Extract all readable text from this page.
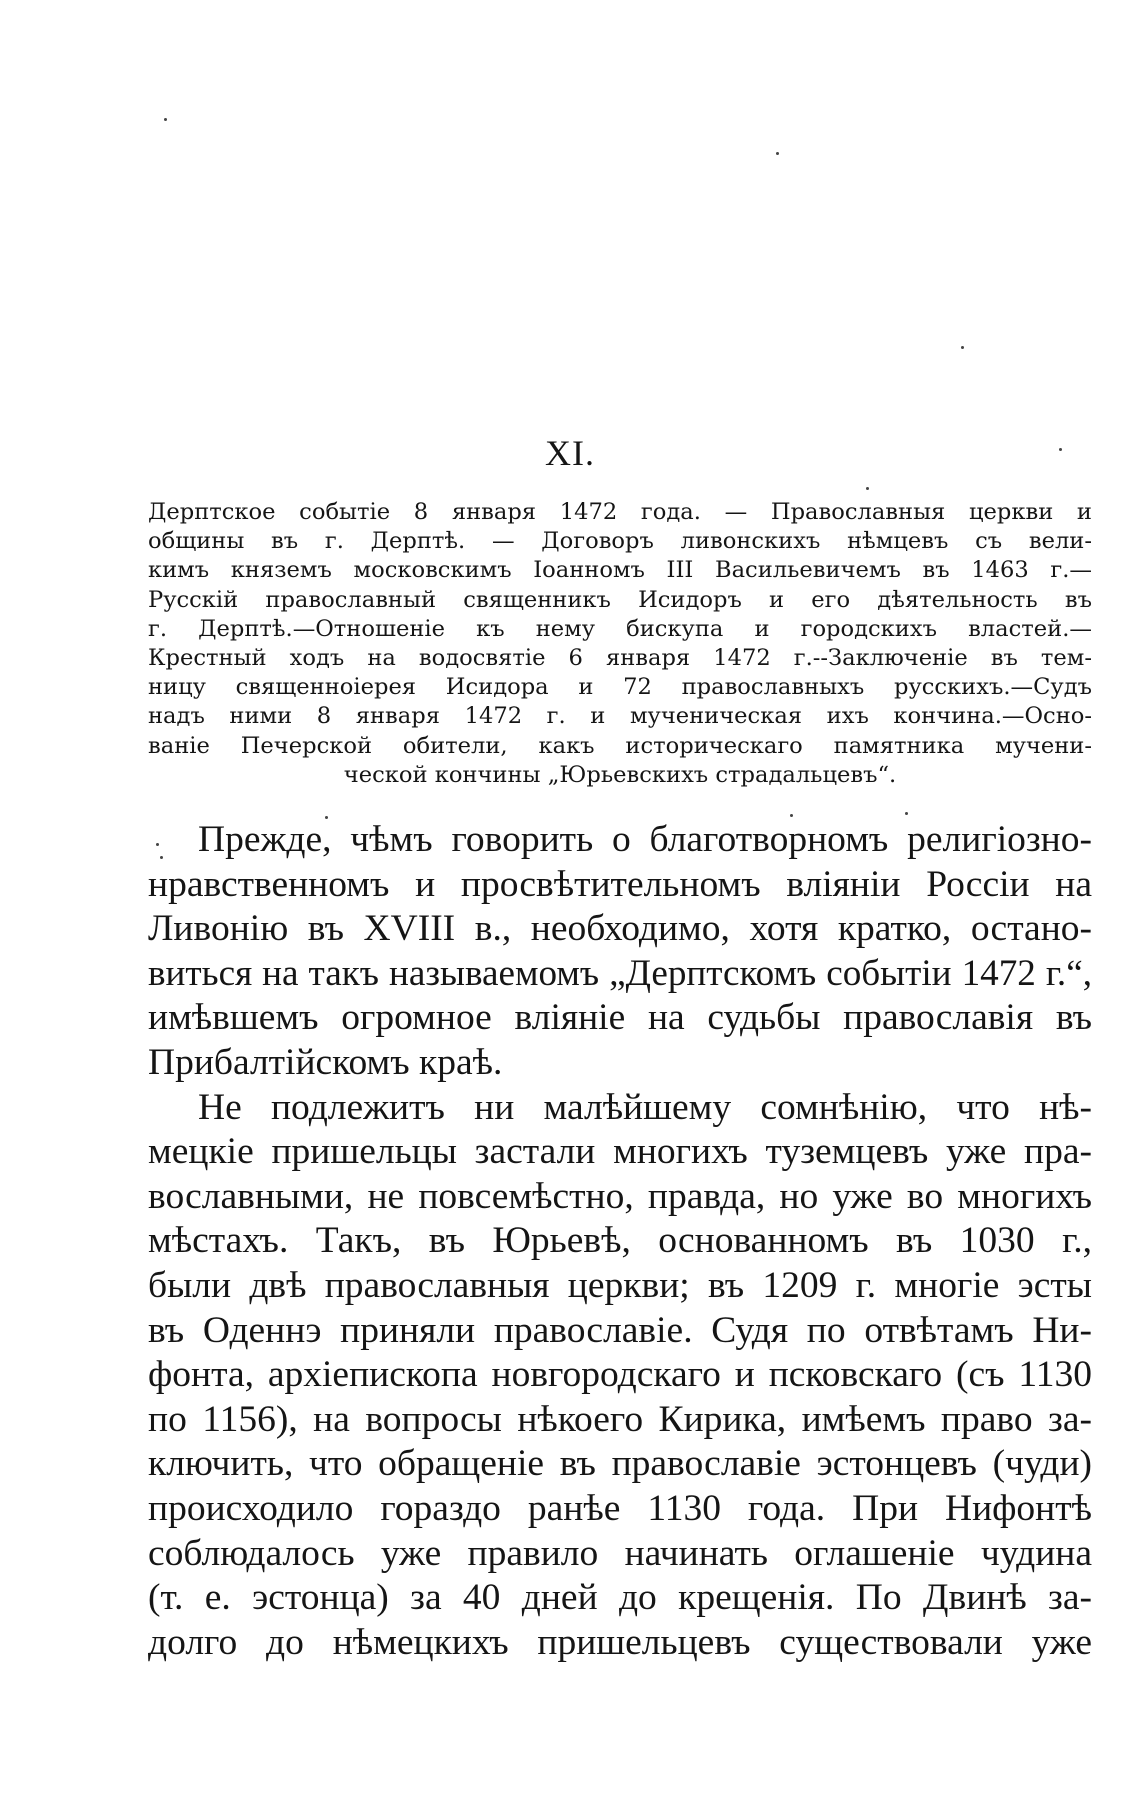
XI.
Дерптское событіе 8 января 1472 года. — Православныя церкви и
общины въ г. Дерптѣ. — Договоръ ливонскихъ нѣмцевъ съ вели-
кимъ княземъ московскимъ Іоанномъ III Васильевичемъ въ 1463 г.—
Русскій православный священникъ Исидоръ и его дѣятельность въ
г. Дерптѣ.—Отношеніе къ нему бискупа и городскихъ властей.—
Крестный ходъ на водосвятіе 6 января 1472 г.--Заключеніе въ тем-
ницу священноіерея Исидора и 72 православныхъ русскихъ.—Судъ
надъ ними 8 января 1472 г. и мученическая ихъ кончина.—Осно-
ваніе Печерской обители, какъ историческаго памятника мучени-
ческой кончины „Юрьевскихъ страдальцевъ“.
Прежде, чѣмъ говорить о благотворномъ религіозно-
нравственномъ и просвѣтительномъ вліяніи Россіи на
Ливонію въ XVIII в., необходимо, хотя кратко, остано-
виться на такъ называемомъ „Дерптскомъ событіи 1472 г.“,
имѣвшемъ огромное вліяніе на судьбы православія въ
Прибалтійскомъ краѣ.
Не подлежитъ ни малѣйшему сомнѣнію, что нѣ-
мецкіе пришельцы застали многихъ туземцевъ уже пра-
вославными, не повсемѣстно, правда, но уже во многихъ
мѣстахъ. Такъ, въ Юрьевѣ, основанномъ въ 1030 г.,
были двѣ православныя церкви; въ 1209 г. многіе эсты
въ Оденнэ приняли православіе. Судя по отвѣтамъ Ни-
фонта, архіепископа новгородскаго и псковскаго (съ 1130
по 1156), на вопросы нѣкоего Кирика, имѣемъ право за-
ключить, что обращеніе въ православіе эстонцевъ (чуди)
происходило гораздо ранѣе 1130 года. При Нифонтѣ
соблюдалось уже правило начинать оглашеніе чудина
(т. е. эстонца) за 40 дней до крещенія. По Двинѣ за-
долго до нѣмецкихъ пришельцевъ существовали уже
